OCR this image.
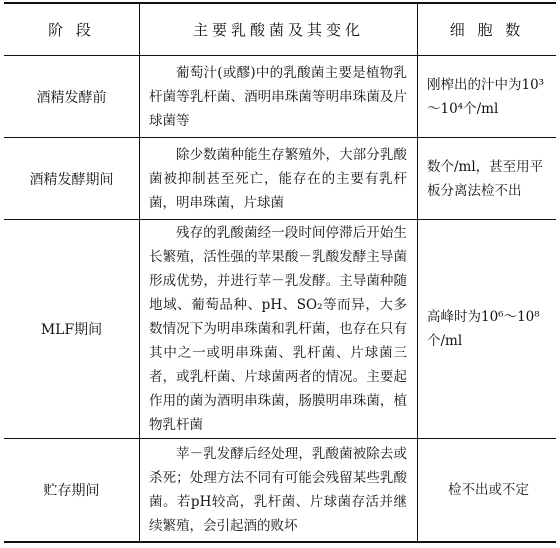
阶 段	主要乳酸菌及其变化	细 胞 数
酒精发酵前

葡萄汁(或醪)中的乳酸菌主要是植物乳杆菌等乳杆菌、酒明串珠菌等明串珠菌及片球菌等

刚榨出的汁中为10³～10⁴个/ml

酒精发酵期间

除少数菌种能生存繁殖外，大部分乳酸菌被抑制甚至死亡，能存在的主要有乳杆菌，明串珠菌，片球菌

数个/ml，甚至用平板分离法检不出

MLF期间

残存的乳酸菌经一段时间停滞后开始生长繁殖，活性强的苹果酸－乳酸发酵主导菌形成优势，并进行苹－乳发酵。主导菌种随地域、葡萄品种、pH、SO₂等而异，大多数情况下为明串珠菌和乳杆菌，也存在只有其中之一或明串珠菌、乳杆菌、片球菌三者，或乳杆菌、片球菌两者的情况。主要起作用的菌为酒明串珠菌，肠膜明串珠菌，植物乳杆菌

高峰时为10⁶～10⁸个/ml

贮存期间

苹－乳发酵后经处理，乳酸菌被除去或杀死；处理方法不同有可能会残留某些乳酸菌。若pH较高，乳杆菌、片球菌存活并继续繁殖，会引起酒的败坏

检不出或不定
